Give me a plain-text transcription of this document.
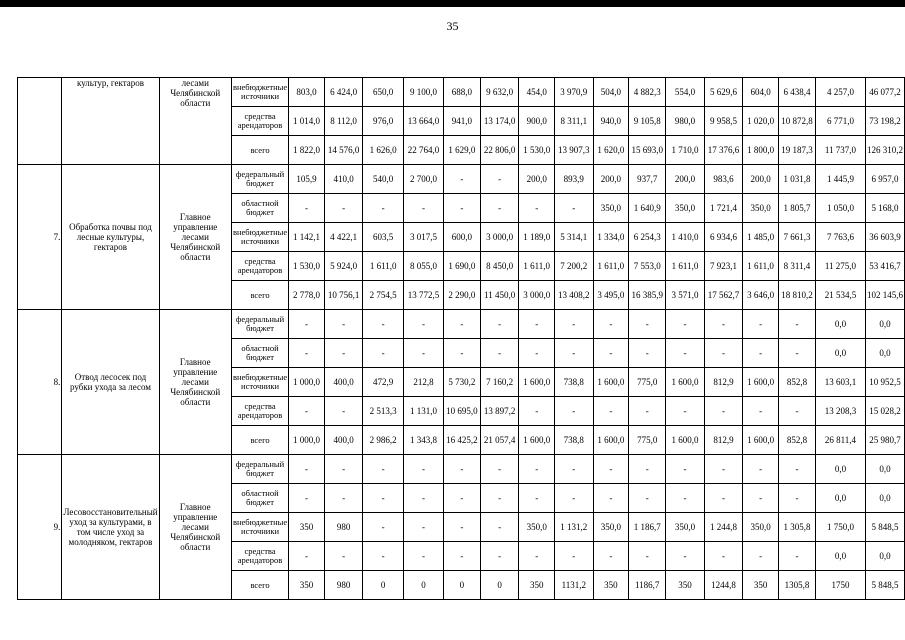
35
	культур, гектаров	лесами Челябинской области	внебюджетные источники	803,0	6 424,0	650,0	9 100,0	688,0	9 632,0	454,0	3 970,9	504,0	4 882,3	554,0	5 629,6	604,0	6 438,4	4 257,0	46 077,2
			средства арендаторов	1 014,0	8 112,0	976,0	13 664,0	941,0	13 174,0	900,0	8 311,1	940,0	9 105,8	980,0	9 958,5	1 020,0	10 872,8	6 771,0	73 198,2
			всего	1 822,0	14 576,0	1 626,0	22 764,0	1 629,0	22 806,0	1 530,0	13 907,3	1 620,0	15 693,0	1 710,0	17 376,6	1 800,0	19 187,3	11 737,0	126 310,2
7.	Обработка почвы под лесные культуры, гектаров	Главное управление лесами Челябинской области	федеральный бюджет	105,9	410,0	540,0	2 700,0	-	-	200,0	893,9	200,0	937,7	200,0	983,6	200,0	1 031,8	1 445,9	6 957,0
			областной бюджет	-	-	-	-	-	-	-	-	350,0	1 640,9	350,0	1 721,4	350,0	1 805,7	1 050,0	5 168,0
			внебюджетные источники	1 142,1	4 422,1	603,5	3 017,5	600,0	3 000,0	1 189,0	5 314,1	1 334,0	6 254,3	1 410,0	6 934,6	1 485,0	7 661,3	7 763,6	36 603,9
			средства арендаторов	1 530,0	5 924,0	1 611,0	8 055,0	1 690,0	8 450,0	1 611,0	7 200,2	1 611,0	7 553,0	1 611,0	7 923,1	1 611,0	8 311,4	11 275,0	53 416,7
			всего	2 778,0	10 756,1	2 754,5	13 772,5	2 290,0	11 450,0	3 000,0	13 408,2	3 495,0	16 385,9	3 571,0	17 562,7	3 646,0	18 810,2	21 534,5	102 145,6
8.	Отвод лесосек под рубки ухода за лесом	Главное управление лесами Челябинской области	федеральный бюджет	-	-	-	-	-	-	-	-	-	-	-	-	-	-	0,0	0,0
			областной бюджет	-	-	-	-	-	-	-	-	-	-	-	-	-	-	0,0	0,0
			внебюджетные источники	1 000,0	400,0	472,9	212,8	5 730,2	7 160,2	1 600,0	738,8	1 600,0	775,0	1 600,0	812,9	1 600,0	852,8	13 603,1	10 952,5
			средства арендаторов	-	-	2 513,3	1 131,0	10 695,0	13 897,2	-	-	-	-	-	-	-	-	13 208,3	15 028,2
			всего	1 000,0	400,0	2 986,2	1 343,8	16 425,2	21 057,4	1 600,0	738,8	1 600,0	775,0	1 600,0	812,9	1 600,0	852,8	26 811,4	25 980,7
9.	Лесовосстановительный уход за культурами, в том числе уход за молодняком, гектаров	Главное управление лесами Челябинской области	федеральный бюджет	-	-	-	-	-	-	-	-	-	-	-	-	-	-	0,0	0,0
			областной бюджет	-	-	-	-	-	-	-	-	-	-	-	-	-	-	0,0	0,0
			внебюджетные источники	350	980	-	-	-	-	350,0	1 131,2	350,0	1 186,7	350,0	1 244,8	350,0	1 305,8	1 750,0	5 848,5
			средства арендаторов	-	-	-	-	-	-	-	-	-	-	-	-	-	-	0,0	0,0
			всего	350	980	0	0	0	0	350	1131,2	350	1186,7	350	1244,8	350	1305,8	1750	5 848,5
